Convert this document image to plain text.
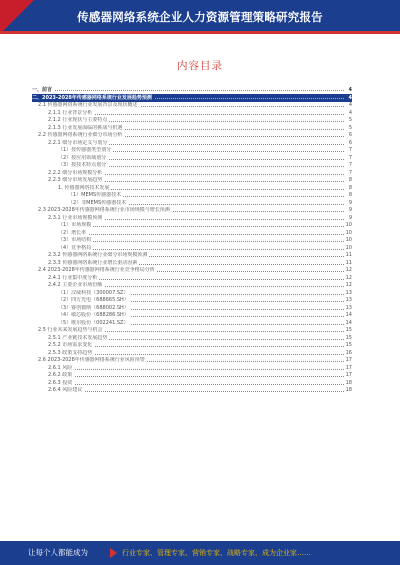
传感器网络系统企业人力资源管理策略研究报告
内容目录
一、前言	4
二、2023-2028年传感器网络系统行业发展趋势预测	4
2.1 传感器网络系统行业发展背景及现状概述	4
2.1.1 行业背景分析	4
2.1.2 行业现状与主要特点	5
2.1.3 行业发展面临的挑战与机遇	5
2.2 传感器网络系统行业细分市场分析	6
2.2.1 细分市场定义与划分	6
（1）按传感器类型划分	7
（2）按应用领域划分	7
（3）按技术特点划分	7
2.2.2 细分市场规模分析	7
2.2.3 细分市场发展趋势	8
1. 传感器网络技术发展	8
（1）MEMS传感器技术	8
（2）非MEMS传感器技术	9
2.3 2023-2028年传感器网络系统行业市场规模与增长预测	9
2.3.1 行业市场规模预测	9
（1）市场规模	10
（2）增长率	10
（3）市场结构	10
（4）竞争格局	10
2.3.2 传感器网络系统行业细分市场规模预测	11
2.3.3 传感器网络系统行业增长驱动因素	11
2.4 2023-2028年传感器网络系统行业竞争格局分析	12
2.4.1 行业集中度分析	12
2.4.2 主要企业市场份额	12
（1）汉威科技（300007.SZ）	13
（2）四方光电（688665.SH）	13
（3）睿创微纳（688002.SH）	13
（4）敏芯股份（688286.SH）	14
（5）歌尔股份（002241.SZ）	14
2.5 行业未来发展趋势与机会	15
2.5.1 产业链技术发展趋势	15
2.5.2 市场需求变化	15
2.5.3 政策支持趋势	16
2.6 2023-2028年传感器网络系统行业风险预警	17
2.6.1 风险	17
2.6.2 政策	17
2.6.3 投资	18
2.6.4 风险建议	18
让每个人都能成为	行业专家、管理专家、营销专家、战略专家、成为企业家……
